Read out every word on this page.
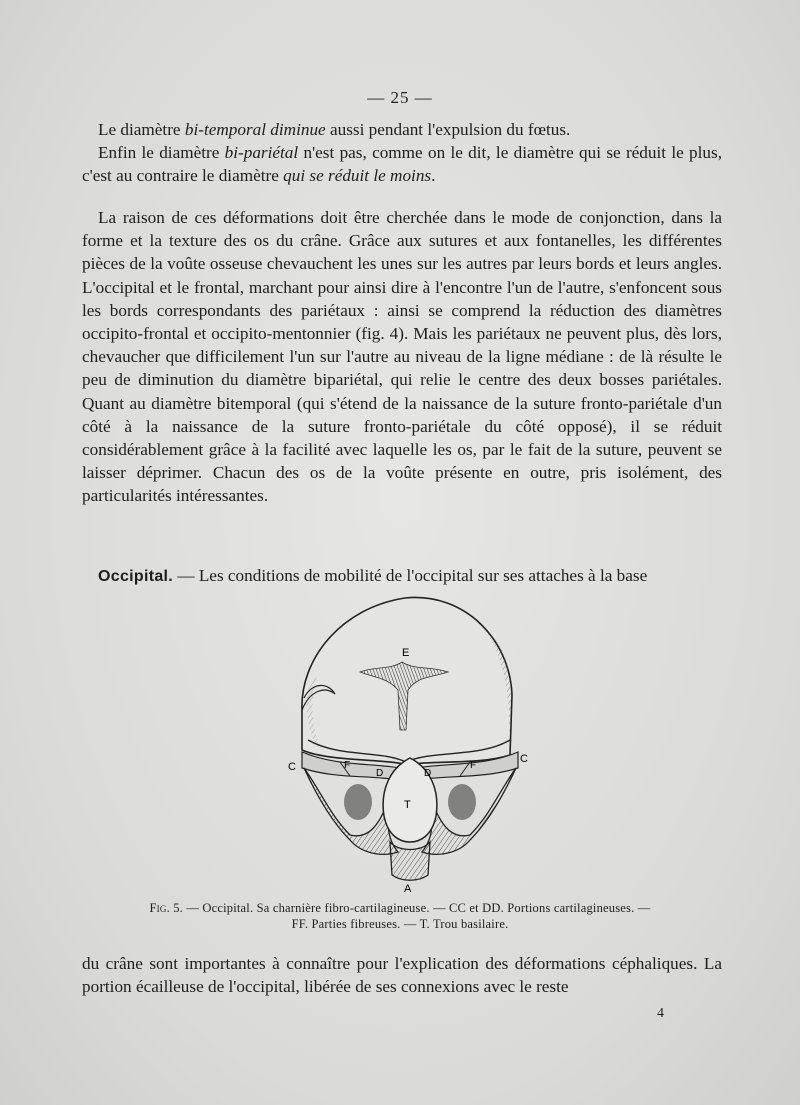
— 25 —

Le diamètre bi-temporal diminue aussi pendant l'expulsion du fœtus.

Enfin le diamètre bi-pariétal n'est pas, comme on le dit, le diamètre qui se réduit le plus, c'est au contraire le diamètre qui se réduit le moins.

La raison de ces déformations doit être cherchée dans le mode de conjonction, dans la forme et la texture des os du crâne. Grâce aux sutures et aux fontanelles, les différentes pièces de la voûte osseuse chevauchent les unes sur les autres par leurs bords et leurs angles. L'occipital et le frontal, marchant pour ainsi dire à l'encontre l'un de l'autre, s'enfoncent sous les bords correspondants des pariétaux : ainsi se comprend la réduction des diamètres occipito-frontal et occipito-mentonnier (fig. 4). Mais les pariétaux ne peuvent plus, dès lors, chevaucher que difficilement l'un sur l'autre au niveau de la ligne médiane : de là résulte le peu de diminution du diamètre bipariétal, qui relie le centre des deux bosses pariétales. Quant au diamètre bitemporal (qui s'étend de la naissance de la suture fronto-pariétale d'un côté à la naissance de la suture fronto-pariétale du côté opposé), il se réduit considérablement grâce à la facilité avec laquelle les os, par le fait de la suture, peuvent se laisser déprimer. Chacun des os de la voûte présente en outre, pris isolément, des particularités intéressantes.

Occipital. — Les conditions de mobilité de l'occipital sur ses attaches à la base

E
C
C
F	F
D	D
T
A
Fig. 5. — Occipital. Sa charnière fibro-cartilagineuse. — CC et DD. Portions cartilagineuses. —
FF. Parties fibreuses. — T. Trou basilaire.

du crâne sont importantes à connaître pour l'explication des déformations céphaliques. La portion écailleuse de l'occipital, libérée de ses connexions avec le reste

4
